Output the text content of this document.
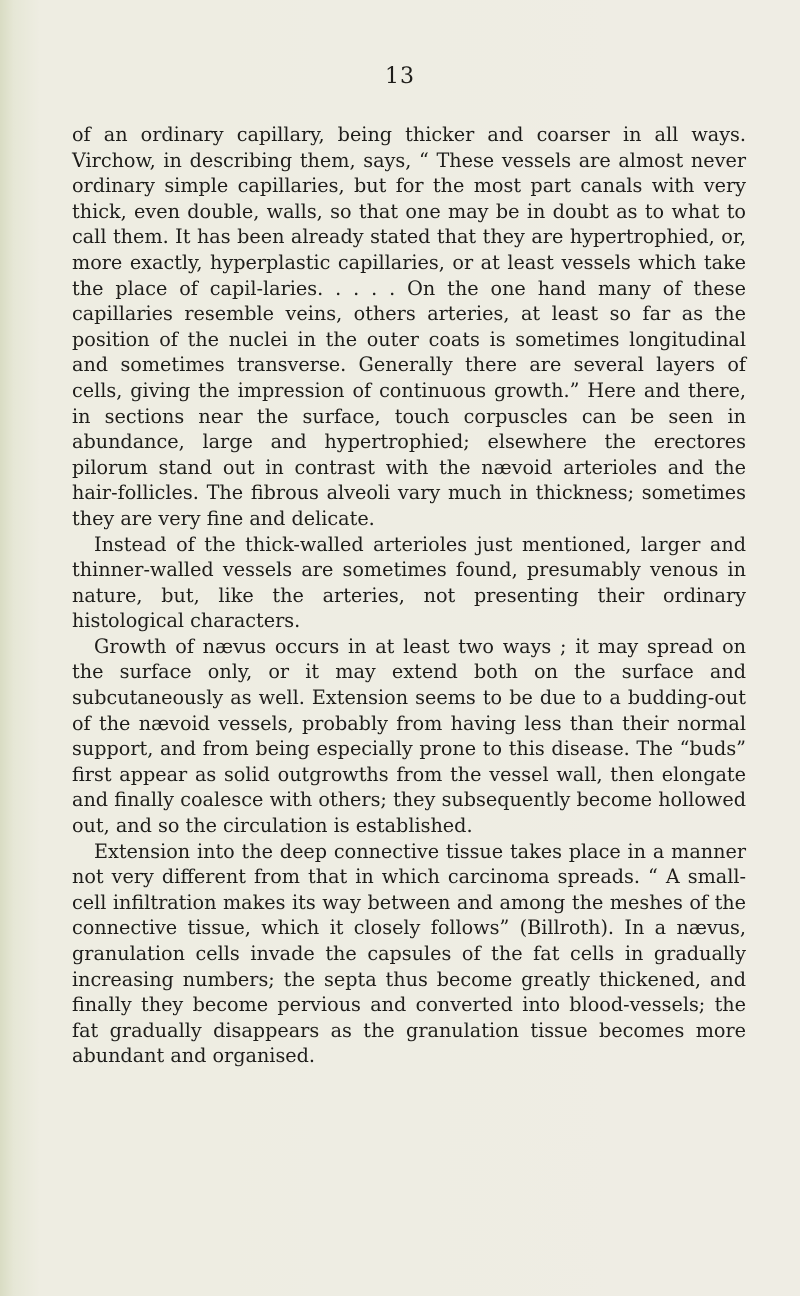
13

of an ordinary capillary, being thicker and coarser in all ways. Virchow, in describing them, says, “ These vessels are almost never ordinary simple capillaries, but for the most part canals with very thick, even double, walls, so that one may be in doubt as to what to call them. It has been already stated that they are hypertrophied, or, more exactly, hyperplastic capillaries, or at least vessels which take the place of capil-laries. . . . . On the one hand many of these capillaries resemble veins, others arteries, at least so far as the position of the nuclei in the outer coats is sometimes longitudinal and sometimes transverse. Generally there are several layers of cells, giving the impression of continuous growth.” Here and there, in sections near the surface, touch corpuscles can be seen in abundance, large and hypertrophied; elsewhere the erectores pilorum stand out in contrast with the nævoid arterioles and the hair-follicles. The fibrous alveoli vary much in thickness; sometimes they are very fine and delicate.

Instead of the thick-walled arterioles just mentioned, larger and thinner-walled vessels are sometimes found, presumably venous in nature, but, like the arteries, not presenting their ordinary histological characters.

Growth of nævus occurs in at least two ways ; it may spread on the surface only, or it may extend both on the surface and subcutaneously as well. Extension seems to be due to a budding-out of the nævoid vessels, probably from having less than their normal support, and from being especially prone to this disease. The “buds” first appear as solid outgrowths from the vessel wall, then elongate and finally coalesce with others; they subsequently become hollowed out, and so the circulation is established.

Extension into the deep connective tissue takes place in a manner not very different from that in which carcinoma spreads. “ A small-cell infiltration makes its way between and among the meshes of the connective tissue, which it closely follows” (Billroth). In a nævus, granulation cells invade the capsules of the fat cells in gradually increasing numbers; the septa thus become greatly thickened, and finally they become pervious and converted into blood-vessels; the fat gradually disappears as the granulation tissue becomes more abundant and organised.
